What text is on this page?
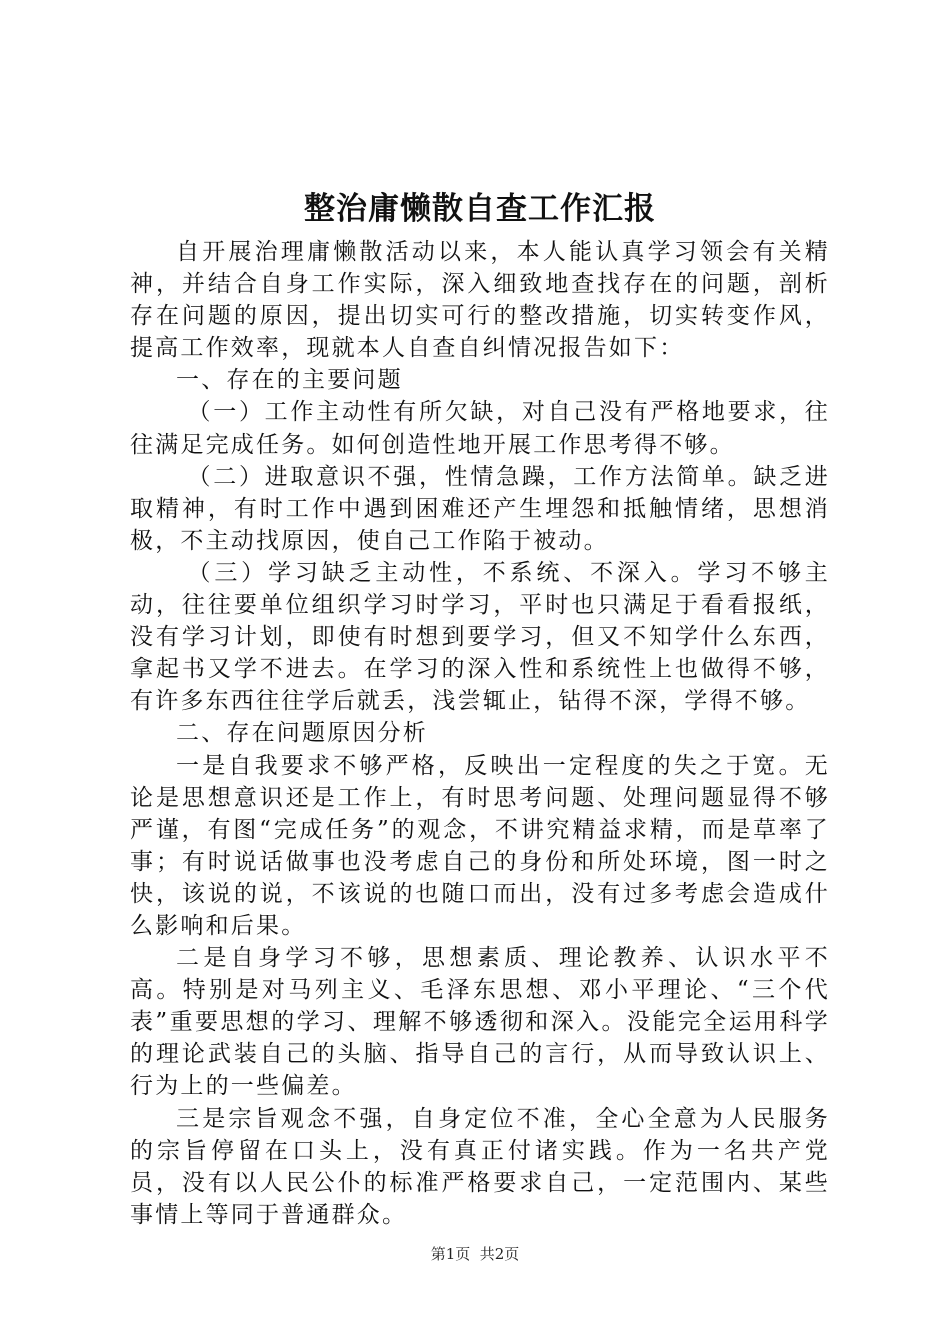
整治庸懒散自查工作汇报

自开展治理庸懒散活动以来，本人能认真学习领会有关精神，并结合自身工作实际，深入细致地查找存在的问题，剖析存在问题的原因，提出切实可行的整改措施，切实转变作风，提高工作效率，现就本人自查自纠情况报告如下：

一、存在的主要问题

（一）工作主动性有所欠缺，对自己没有严格地要求，往往满足完成任务。如何创造性地开展工作思考得不够。

（二）进取意识不强，性情急躁，工作方法简单。缺乏进取精神，有时工作中遇到困难还产生埋怨和抵触情绪，思想消极，不主动找原因，使自己工作陷于被动。

（三）学习缺乏主动性，不系统、不深入。学习不够主动，往往要单位组织学习时学习，平时也只满足于看看报纸，没有学习计划，即使有时想到要学习，但又不知学什么东西，拿起书又学不进去。在学习的深入性和系统性上也做得不够，有许多东西往往学后就丢，浅尝辄止，钻得不深，学得不够。

二、存在问题原因分析

一是自我要求不够严格，反映出一定程度的失之于宽。无论是思想意识还是工作上，有时思考问题、处理问题显得不够严谨，有图“完成任务”的观念，不讲究精益求精，而是草率了事；有时说话做事也没考虑自己的身份和所处环境，图一时之快，该说的说，不该说的也随口而出，没有过多考虑会造成什么影响和后果。

二是自身学习不够，思想素质、理论教养、认识水平不高。特别是对马列主义、毛泽东思想、邓小平理论、“三个代表”重要思想的学习、理解不够透彻和深入。没能完全运用科学的理论武装自己的头脑、指导自己的言行，从而导致认识上、行为上的一些偏差。

三是宗旨观念不强，自身定位不准，全心全意为人民服务的宗旨停留在口头上，没有真正付诸实践。作为一名共产党员，没有以人民公仆的标准严格要求自己，一定范围内、某些事情上等同于普通群众。

第1页  共2页
